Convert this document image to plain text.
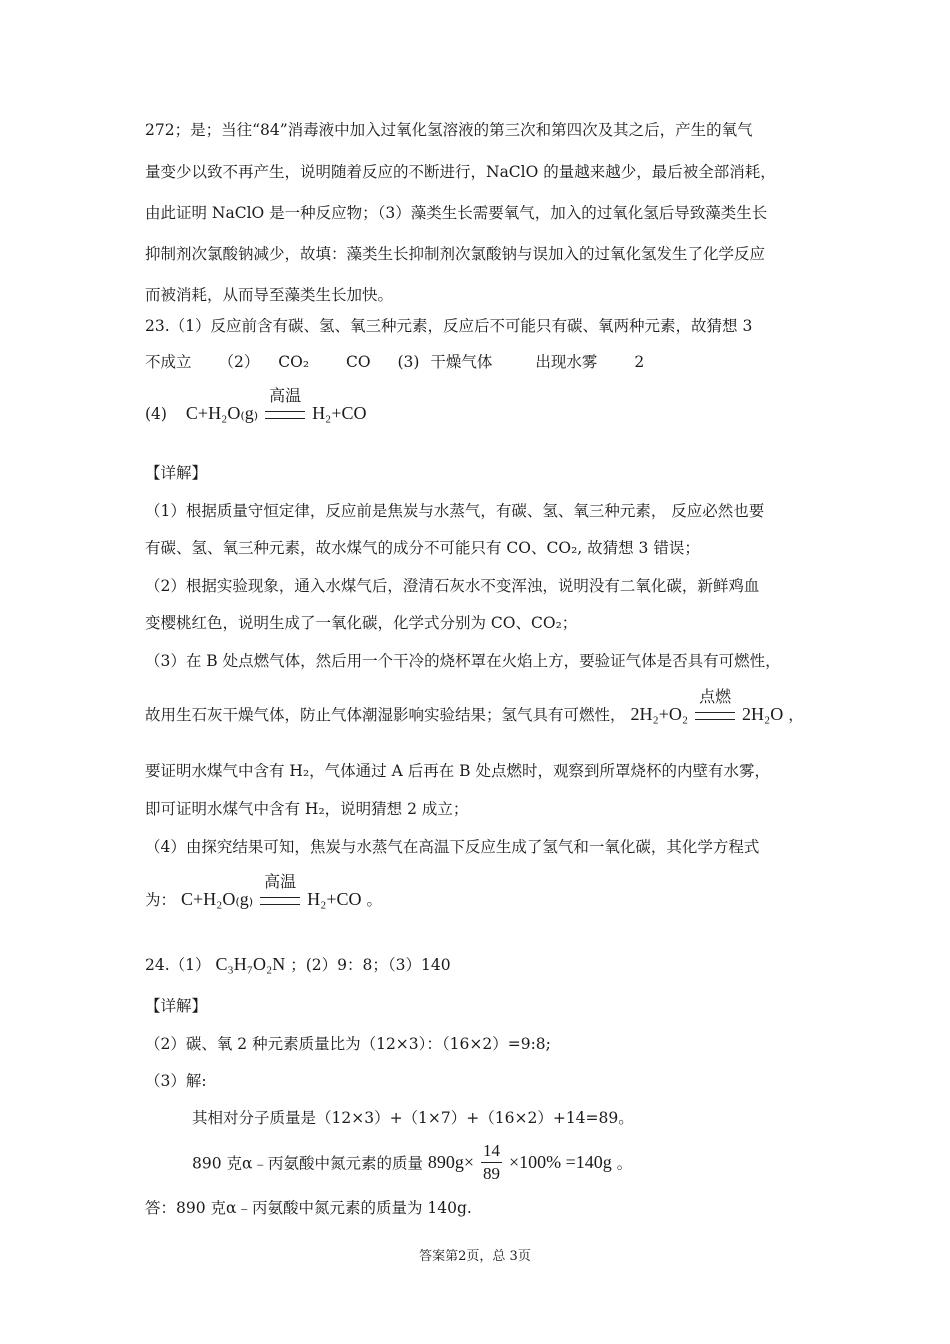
272；是；当往“84”消毒液中加入过氧化氢溶液的第三次和第四次及其之后，产生的氧气
量变少以致不再产生，说明随着反应的不断进行，NaClO 的量越来越少，最后被全部消耗，
由此证明 NaClO 是一种反应物；（3）藻类生长需要氧气，加入的过氧化氢后导致藻类生长
抑制剂次氯酸钠减少，故填：藻类生长抑制剂次氯酸钠与误加入的过氧化氢发生了化学反应
而被消耗，从而导至藻类生长加快。
23.（1）反应前含有碳、氢、氧三种元素，反应后不可能只有碳、氧两种元素，故猜想 3
不成立 （2） CO₂ CO (3) 干燥气体	出现水雾 2
(4) C+H₂O₍g₎
高温
H₂+CO
【详解】
（1）根据质量守恒定律，反应前是焦炭与水蒸气，有碳、氢、氧三种元素， 反应必然也要
有碳、氢、氧三种元素，故水煤气的成分不可能只有 CO、CO₂, 故猜想 3 错误；
（2）根据实验现象，通入水煤气后，澄清石灰水不变浑浊，说明没有二氧化碳，新鲜鸡血
变樱桃红色，说明生成了一氧化碳，化学式分别为 CO、CO₂；
（3）在 B 处点燃气体，然后用一个干冷的烧杯罩在火焰上方，要验证气体是否具有可燃性，
故用生石灰干燥气体，防止气体潮湿影响实验结果；氢气具有可燃性， 2H₂+O₂
点燃
2H₂O ，
要证明水煤气中含有 H₂，气体通过 A 后再在 B 处点燃时，观察到所罩烧杯的内壁有水雾，
即可证明水煤气中含有 H₂，说明猜想 2 成立；
（4）由探究结果可知，焦炭与水蒸气在高温下反应生成了氢气和一氧化碳，其化学方程式
为： C+H₂O₍g₎
高温
H₂+CO 。
24.（1） C₃H₇O₂N ；(2）9：8；（3）140
【详解】
（2）碳、氧 2 种元素质量比为（12×3）：（16×2）=9:8;
（3）解:
其相对分子质量是（12×3）+（1×7）+（16×2）+14=89。
890 克α﹣丙氨酸中氮元素的质量 $890g\times \frac{14}{89} \times 100\% =140g$ 。
答：890 克α﹣丙氨酸中氮元素的质量为 140g.
答案第2页，总 3页
